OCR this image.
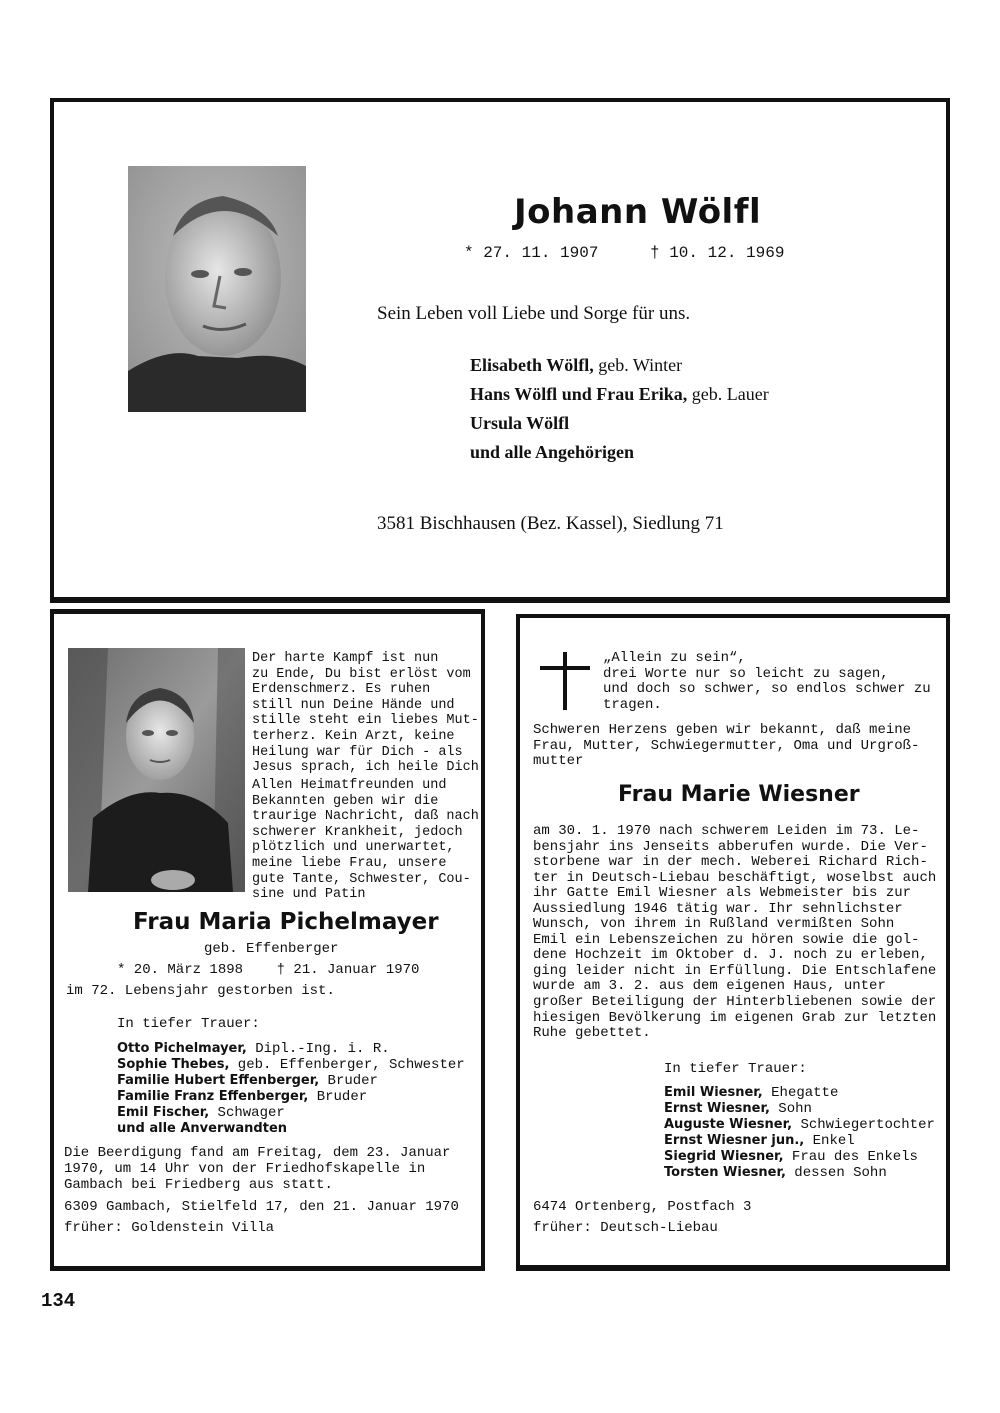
Johann Wölfl
* 27. 11. 1907	† 10. 12. 1969
Sein Leben voll Liebe und Sorge für uns.
Elisabeth Wölfl, geb. Winter
Hans Wölfl und Frau Erika, geb. Lauer
Ursula Wölfl
und alle Angehörigen
3581 Bischhausen (Bez. Kassel), Siedlung 71
Der harte Kampf ist nun
zu Ende, Du bist erlöst vom
Erdenschmerz. Es ruhen
still nun Deine Hände und
stille steht ein liebes Mut-
terherz. Kein Arzt, keine
Heilung war für Dich - als
Jesus sprach, ich heile Dich!
Allen Heimatfreunden und
Bekannten geben wir die
traurige Nachricht, daß nach
schwerer Krankheit, jedoch
plötzlich und unerwartet,
meine liebe Frau, unsere
gute Tante, Schwester, Cou-
sine und Patin
Frau Maria Pichelmayer
geb. Effenberger
* 20. März 1898    † 21. Januar 1970
im 72. Lebensjahr gestorben ist.
In tiefer Trauer:
Otto Pichelmayer, Dipl.-Ing. i. R.
Sophie Thebes, geb. Effenberger, Schwester
Familie Hubert Effenberger, Bruder
Familie Franz Effenberger, Bruder
Emil Fischer, Schwager
und alle Anverwandten
Die Beerdigung fand am Freitag, dem 23. Januar
1970, um 14 Uhr von der Friedhofskapelle in
Gambach bei Friedberg aus statt.
6309 Gambach, Stielfeld 17, den 21. Januar 1970
früher: Goldenstein Villa
„Allein zu sein“,
drei Worte nur so leicht zu sagen,
und doch so schwer, so endlos schwer zu
tragen.
Schweren Herzens geben wir bekannt, daß meine
Frau, Mutter, Schwiegermutter, Oma und Urgroß-
mutter
Frau Marie Wiesner
am 30. 1. 1970 nach schwerem Leiden im 73. Le-
bensjahr ins Jenseits abberufen wurde. Die Ver-
storbene war in der mech. Weberei Richard Rich-
ter in Deutsch-Liebau beschäftigt, woselbst auch
ihr Gatte Emil Wiesner als Webmeister bis zur
Aussiedlung 1946 tätig war. Ihr sehnlichster
Wunsch, von ihrem in Rußland vermißten Sohn
Emil ein Lebenszeichen zu hören sowie die gol-
dene Hochzeit im Oktober d. J. noch zu erleben,
ging leider nicht in Erfüllung. Die Entschlafene
wurde am 3. 2. aus dem eigenen Haus, unter
großer Beteiligung der Hinterbliebenen sowie der
hiesigen Bevölkerung im eigenen Grab zur letzten
Ruhe gebettet.
In tiefer Trauer:
Emil Wiesner, Ehegatte
Ernst Wiesner, Sohn
Auguste Wiesner, Schwiegertochter
Ernst Wiesner jun., Enkel
Siegrid Wiesner, Frau des Enkels
Torsten Wiesner, dessen Sohn
6474 Ortenberg, Postfach 3
früher: Deutsch-Liebau
134
